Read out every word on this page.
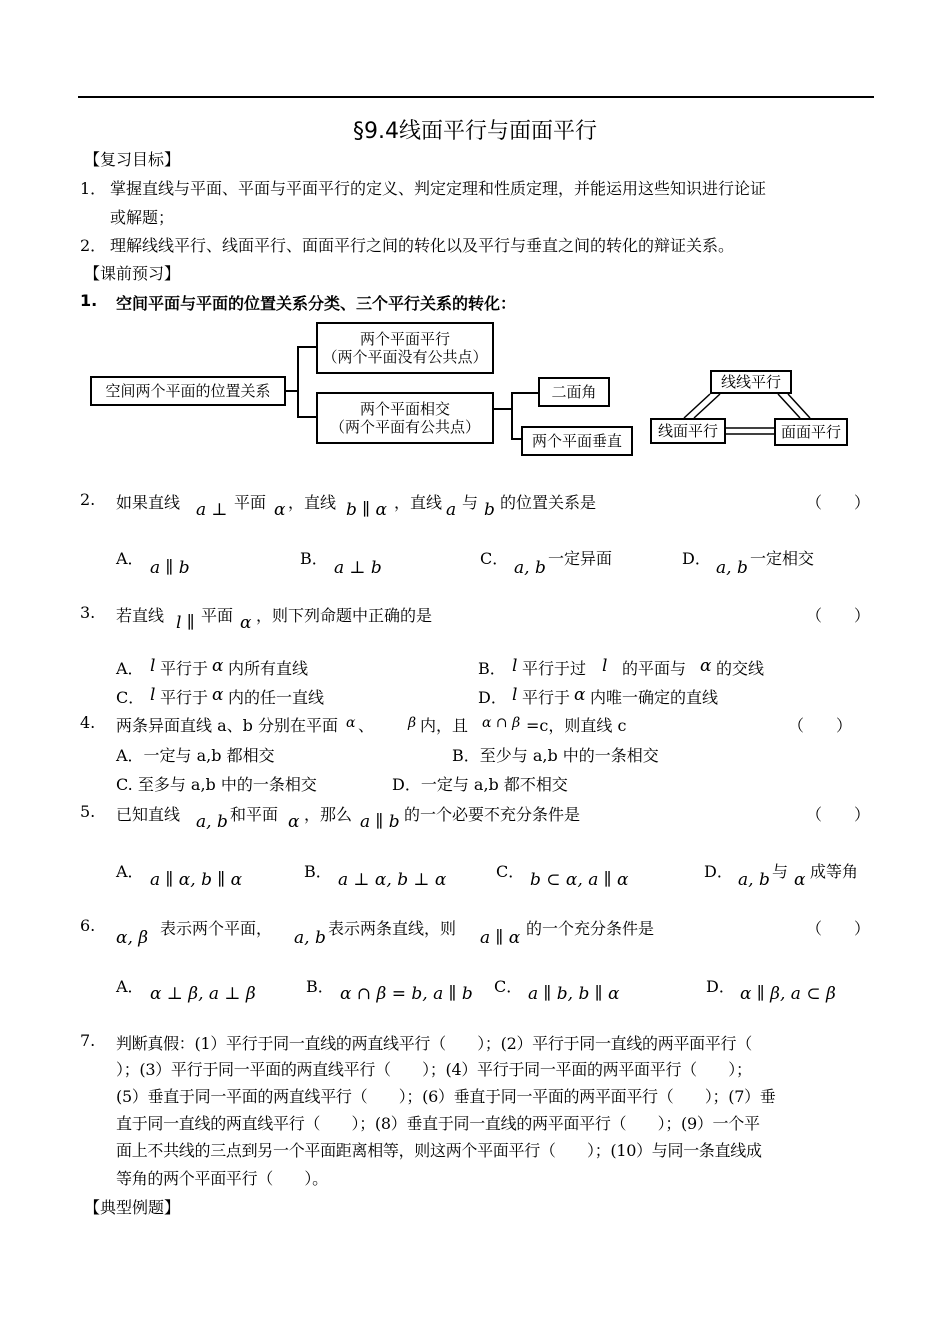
§9.4线面平行与面面平行
【复习目标】
1． 掌握直线与平面、平面与平面平行的定义、判定定理和性质定理，并能运用这些知识进行论证
或解题；
2． 理解线线平行、线面平行、面面平行之间的转化以及平行与垂直之间的转化的辩证关系。
【课前预习】
1. 空间平面与平面的位置关系分类、三个平行关系的转化：
空间两个平面的位置关系
两个平面平行
（两个平面没有公共点）
两个平面相交
（两个平面有公共点）
二面角
两个平面垂直
线线平行
线面平行	面面平行
2. 如果直线 a ⊥ 平面 α ，直线 b ∥ α ，直线 a 与 b 的位置关系是	（　　）
A． a ∥ b	B． a ⊥ b	C． a, b 一定异面	D． a, b 一定相交
3. 若直线 l ∥ 平面 α ，则下列命题中正确的是	（　　）
A． l 平行于 α 内所有直线	B． l 平行于过 l 的平面与 α 的交线
C． l 平行于 α 内的任一直线	D． l 平行于 α 内唯一确定的直线
4. 两条异面直线 a、b 分别在平面 α 、 β 内，且 α ∩ β =c，则直线 c	（　　）
A．一定与 a,b 都相交	B．至少与 a,b 中的一条相交
C. 至多与 a,b 中的一条相交	D．一定与 a,b 都不相交
5. 已知直线 a, b 和平面 α ，那么 a ∥ b 的一个必要不充分条件是	（　　）
A． a ∥ α, b ∥ α	B． a ⊥ α, b ⊥ α	C． b ⊂ α, a ∥ α	D． a, b 与 α 成等角
6.
α, β 表示两个平面， a, b 表示两条直线，则 a ∥ α 的一个充分条件是	（　　）
A． α ⊥ β, a ⊥ β	B． α ∩ β = b, a ∥ b C． a ∥ b, b ∥ α	D． α ∥ β, a ⊂ β
7. 判断真假：(1）平行于同一直线的两直线平行（　　）；(2）平行于同一直线的两平面平行（
）；(3）平行于同一平面的两直线平行（　　）；(4）平行于同一平面的两平面平行（　　）；
(5）垂直于同一平面的两直线平行（　　）；(6）垂直于同一平面的两平面平行（　　）；(7）垂
直于同一直线的两直线平行（　　）；(8）垂直于同一直线的两平面平行（　　）；(9）一个平
面上不共线的三点到另一个平面距离相等，则这两个平面平行（　　）；(10）与同一条直线成
等角的两个平面平行（　　）。
【典型例题】
